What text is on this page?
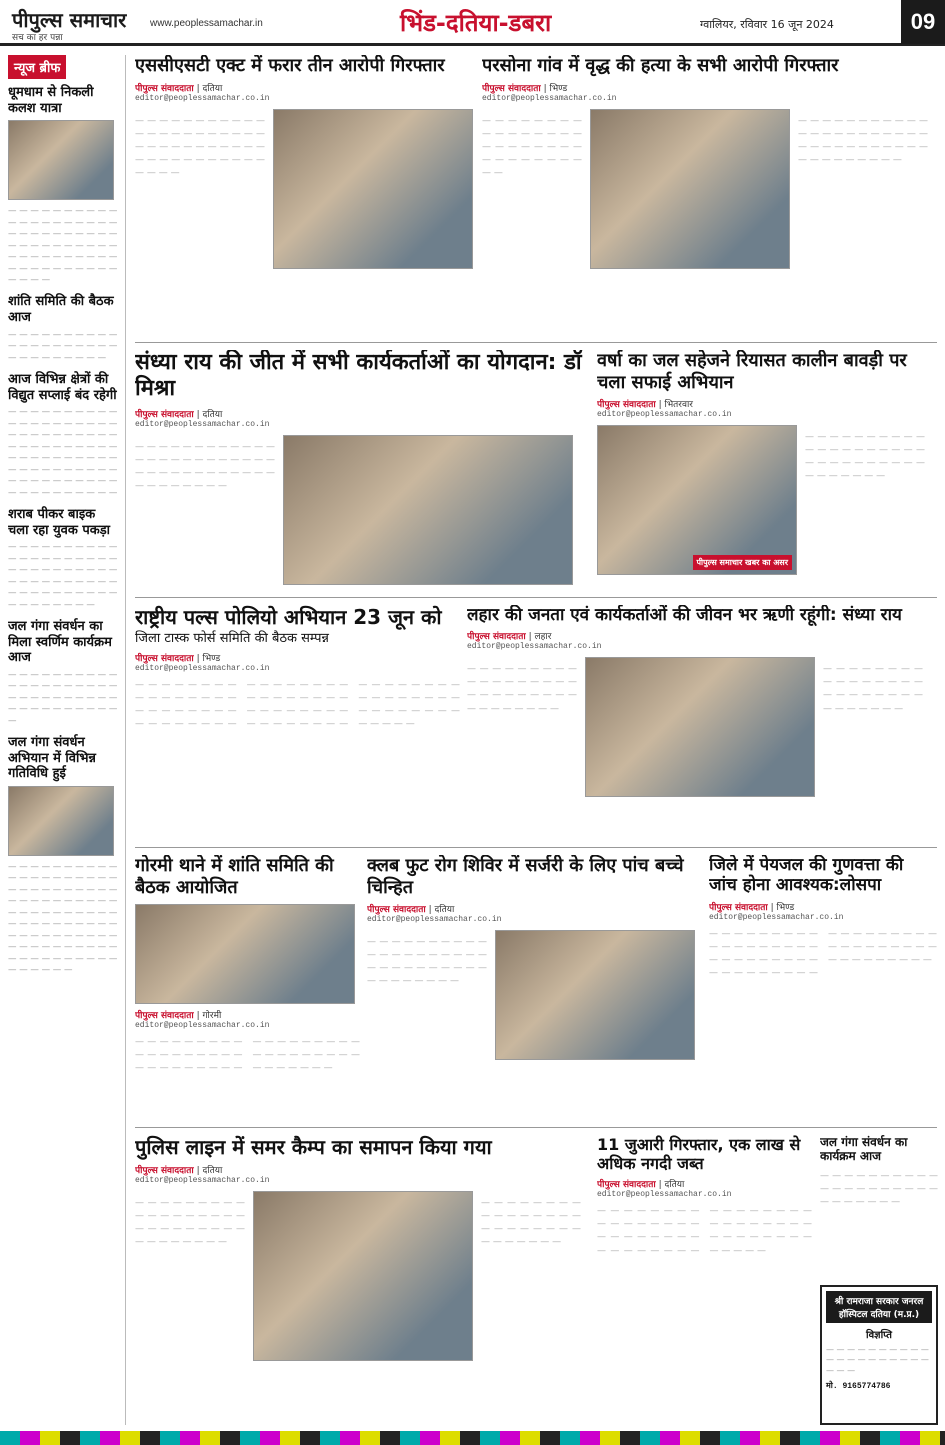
पीपुल्स समाचार
सच का हर पन्ना
www.peoplessamachar.in	भिंड-दतिया-डबरा	ग्वालियर, रविवार 16 जून 2024	09
न्यूज ब्रीफ
धूमधाम से निकली कलश यात्रा
— — — — — — — — — — — — — — — — — — — — — — — — — — — — — — — — — — — — — — — — — — — — — — — — — — — — — — — — — — — — — — — —
शांति समिति की बैठक आज
— — — — — — — — — — — — — — — — — — — — — — — — — — — — —
आज विभिन्न क्षेत्रों की विद्युत सप्लाई बंद रहेगी
— — — — — — — — — — — — — — — — — — — — — — — — — — — — — — — — — — — — — — — — — — — — — — — — — — — — — — — — — — — — — — — — — — — — — — — — — — — — — — — —
शराब पीकर बाइक चला रहा युवक पकड़ा
— — — — — — — — — — — — — — — — — — — — — — — — — — — — — — — — — — — — — — — — — — — — — — — — — — — — — — — — — —
जल गंगा संवर्धन का मिला स्वर्णिम कार्यक्रम आज
— — — — — — — — — — — — — — — — — — — — — — — — — — — — — — — — — — — — — — — — —
जल गंगा संवर्धन अभियान में विभिन्न गतिविधि हुई
— — — — — — — — — — — — — — — — — — — — — — — — — — — — — — — — — — — — — — — — — — — — — — — — — — — — — — — — — — — — — — — — — — — — — — — — — — — — — — — — — — — — — — — — — — — — — — — —
एससीएसटी एक्ट में फरार तीन आरोपी गिरफ्तार
पीपुल्स संवाददाता | दतिया
editor@peoplessamachar.co.in
— — — — — — — — — — — — — — — — — — — — — — — — — — — — — — — — — — — — — — — — — — — — — — — —
परसोना गांव में वृद्ध की हत्या के सभी आरोपी गिरफ्तार
पीपुल्स संवाददाता | भिण्ड
editor@peoplessamachar.co.in
— — — — — — — — — — — — — — — — — — — — — — — — — — — — — — — — — —
— — — — — — — — — — — — — — — — — — — — — — — — — — — — — — — — — — — — — — — — — —
संध्या राय की जीत में सभी कार्यकर्ताओं का योगदान: डॉ मिश्रा
पीपुल्स संवाददाता | दतिया
editor@peoplessamachar.co.in
— — — — — — — — — — — — — — — — — — — — — — — — — — — — — — — — — — — — — — — — — — — —
वर्षा का जल सहेजने रियासत कालीन बावड़ी पर चला सफाई अभियान
पीपुल्स संवाददाता | भितरवार
editor@peoplessamachar.co.in
पीपुल्स समाचार खबर का असर
— — — — — — — — — — — — — — — — — — — — — — — — — — — — — — — — — — — — —
राष्ट्रीय पल्स पोलियो अभियान 23 जून को
जिला टास्क फोर्स समिति की बैठक सम्पन्न
पीपुल्स संवाददाता | भिण्ड
editor@peoplessamachar.co.in
— — — — — — — — — — — — — — — — — — — — — — — — — — — — — — — — — — — — — — — — — — — — — — — — — — — — — — — — — — — — — — — — — — — — — — — — — — — — — — — — — — — — — — — — — — — — —
लहार की जनता एवं कार्यकर्ताओं की जीवन भर ऋणी रहूंगी: संध्या राय
पीपुल्स संवाददाता | लहार
editor@peoplessamachar.co.in
— — — — — — — — — — — — — — — — — — — — — — — — — — — — — — — — — — —
— — — — — — — — — — — — — — — — — — — — — — — — — — — — — — —
गोरमी थाने में शांति समिति की बैठक आयोजित
पीपुल्स संवाददाता | गोरमी
editor@peoplessamachar.co.in
— — — — — — — — — — — — — — — — — — — — — — — — — — — — — — — — — — — — — — — — — — — — — — — — — — — —
क्लब फुट रोग शिविर में सर्जरी के लिए पांच बच्चे चिन्हित
पीपुल्स संवाददाता | दतिया
editor@peoplessamachar.co.in
— — — — — — — — — — — — — — — — — — — — — — — — — — — — — — — — — — — — — —
जिले में पेयजल की गुणवत्ता की जांच होना आवश्यक:लोसपा
पीपुल्स संवाददाता | भिण्ड
editor@peoplessamachar.co.in
— — — — — — — — — — — — — — — — — — — — — — — — — — — — — — — — — — — — — — — — — — — — — — — — — — — — — — — — — — — — — — —
पुलिस लाइन में समर कैम्प का समापन किया गया
पीपुल्स संवाददाता | दतिया
editor@peoplessamachar.co.in
— — — — — — — — — — — — — — — — — — — — — — — — — — — — — — — — — — —
— — — — — — — — — — — — — — — — — — — — — — — — — — — — — — —
11 जुआरी गिरफ्तार, एक लाख से अधिक नगदी जब्त
पीपुल्स संवाददाता | दतिया
editor@peoplessamachar.co.in
— — — — — — — — — — — — — — — — — — — — — — — — — — — — — — — — — — — — — — — — — — — — — — — — — — — — — — — — — — — — —
जल गंगा संवर्धन का कार्यक्रम आज
— — — — — — — — — — — — — — — — — — — — — — — — — — —
श्री रामराजा सरकार जनरल हॉस्पिटल दतिया (म.प्र.)
विज्ञप्ति
— — — — — — — — — — — — — — — — — — — — — — —
मो. 9165774786
